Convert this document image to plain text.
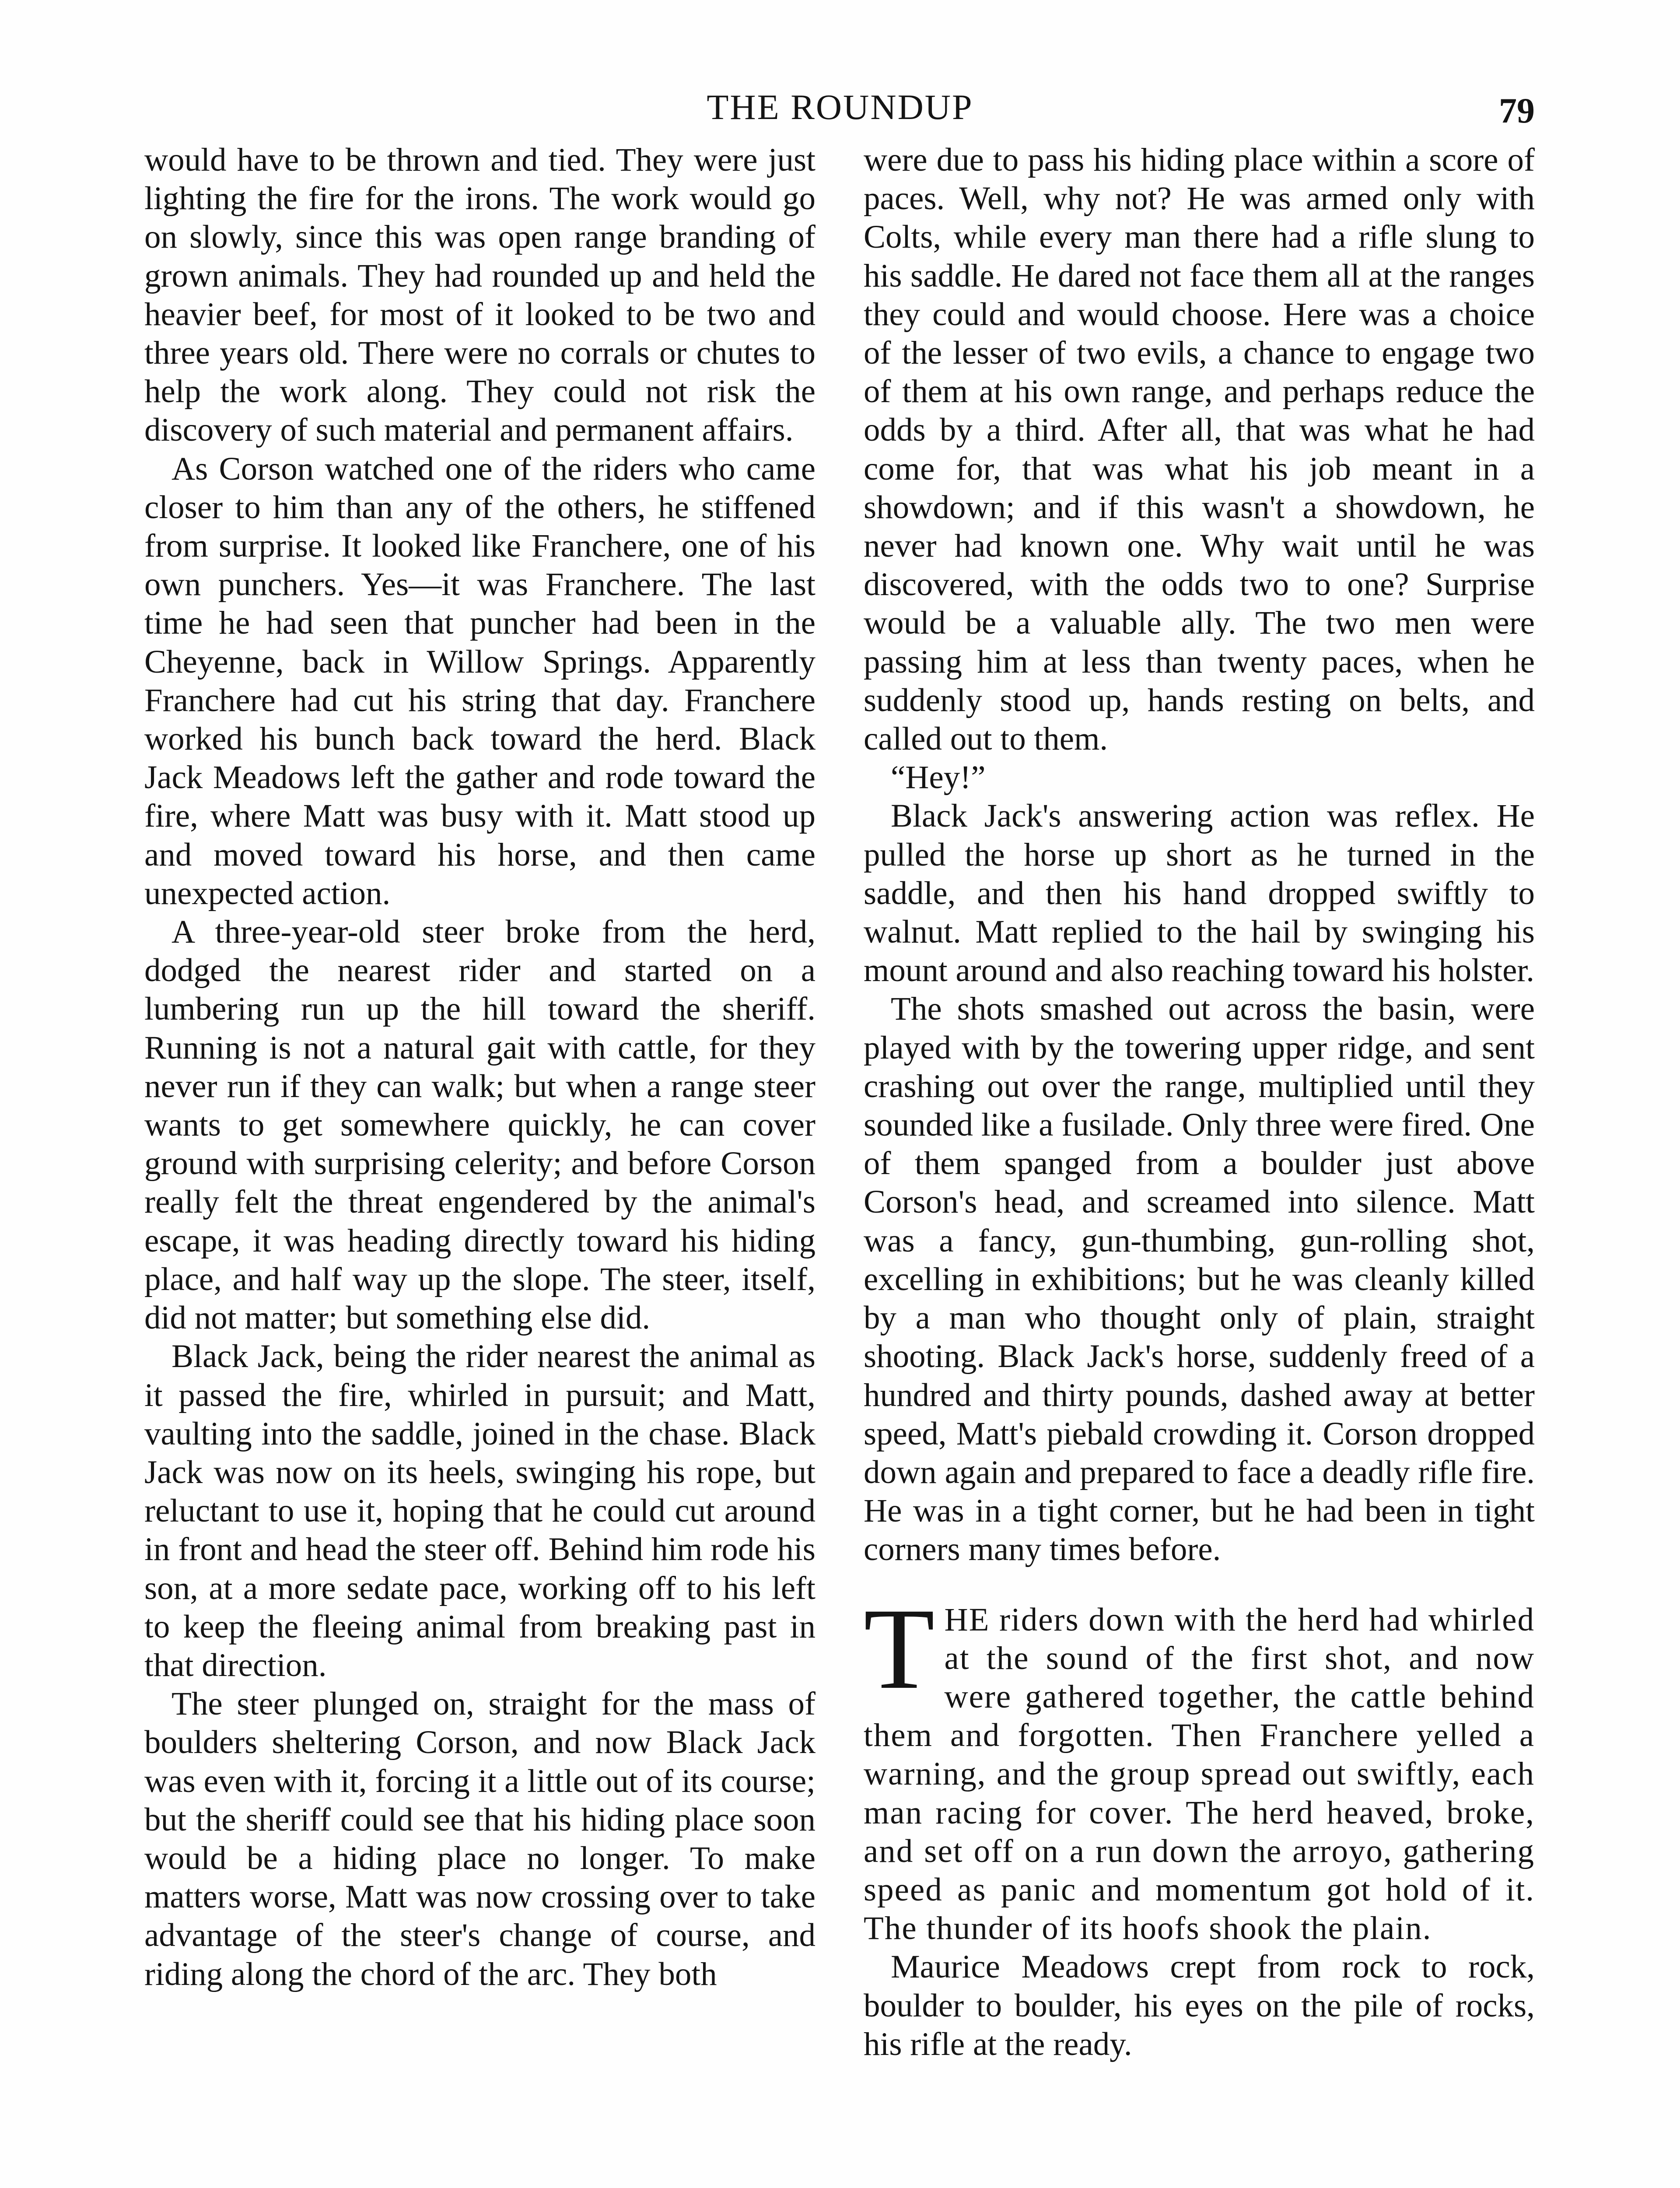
THE ROUNDUP	79

would have to be thrown and tied. They were just lighting the fire for the irons. The work would go on slowly, since this was open range branding of grown animals. They had rounded up and held the heavier beef, for most of it looked to be two and three years old. There were no corrals or chutes to help the work along. They could not risk the discovery of such material and permanent affairs.

As Corson watched one of the riders who came closer to him than any of the others, he stiffened from surprise. It looked like Franchere, one of his own punchers. Yes—it was Franchere. The last time he had seen that puncher had been in the Cheyenne, back in Willow Springs. Apparently Franchere had cut his string that day. Franchere worked his bunch back toward the herd. Black Jack Meadows left the gather and rode toward the fire, where Matt was busy with it. Matt stood up and moved toward his horse, and then came unexpected action.

A three-year-old steer broke from the herd, dodged the nearest rider and started on a lumbering run up the hill toward the sheriff. Running is not a natural gait with cattle, for they never run if they can walk; but when a range steer wants to get somewhere quickly, he can cover ground with surprising celerity; and before Corson really felt the threat engendered by the animal's escape, it was heading directly toward his hiding place, and half way up the slope. The steer, itself, did not matter; but something else did.

Black Jack, being the rider nearest the animal as it passed the fire, whirled in pursuit; and Matt, vaulting into the saddle, joined in the chase. Black Jack was now on its heels, swinging his rope, but reluctant to use it, hoping that he could cut around in front and head the steer off. Behind him rode his son, at a more sedate pace, working off to his left to keep the fleeing animal from breaking past in that direction.

The steer plunged on, straight for the mass of boulders sheltering Corson, and now Black Jack was even with it, forcing it a little out of its course; but the sheriff could see that his hiding place soon would be a hiding place no longer. To make matters worse, Matt was now crossing over to take advantage of the steer's change of course, and riding along the chord of the arc. They both

were due to pass his hiding place within a score of paces. Well, why not? He was armed only with Colts, while every man there had a rifle slung to his saddle. He dared not face them all at the ranges they could and would choose. Here was a choice of the lesser of two evils, a chance to engage two of them at his own range, and perhaps reduce the odds by a third. After all, that was what he had come for, that was what his job meant in a showdown; and if this wasn't a showdown, he never had known one. Why wait until he was discovered, with the odds two to one? Surprise would be a valuable ally. The two men were passing him at less than twenty paces, when he suddenly stood up, hands resting on belts, and called out to them.

“Hey!”

Black Jack's answering action was reflex. He pulled the horse up short as he turned in the saddle, and then his hand dropped swiftly to walnut. Matt replied to the hail by swinging his mount around and also reaching toward his holster.

The shots smashed out across the basin, were played with by the towering upper ridge, and sent crashing out over the range, multiplied until they sounded like a fusilade. Only three were fired. One of them spanged from a boulder just above Corson's head, and screamed into silence. Matt was a fancy, gun-thumbing, gun-rolling shot, excelling in exhibitions; but he was cleanly killed by a man who thought only of plain, straight shooting. Black Jack's horse, suddenly freed of a hundred and thirty pounds, dashed away at better speed, Matt's piebald crowding it. Corson dropped down again and prepared to face a deadly rifle fire. He was in a tight corner, but he had been in tight corners many times before.

THE riders down with the herd had whirled at the sound of the first shot, and now were gathered together, the cattle behind them and forgotten. Then Franchere yelled a warning, and the group spread out swiftly, each man racing for cover. The herd heaved, broke, and set off on a run down the arroyo, gathering speed as panic and momentum got hold of it. The thunder of its hoofs shook the plain.

Maurice Meadows crept from rock to rock, boulder to boulder, his eyes on the pile of rocks, his rifle at the ready.
